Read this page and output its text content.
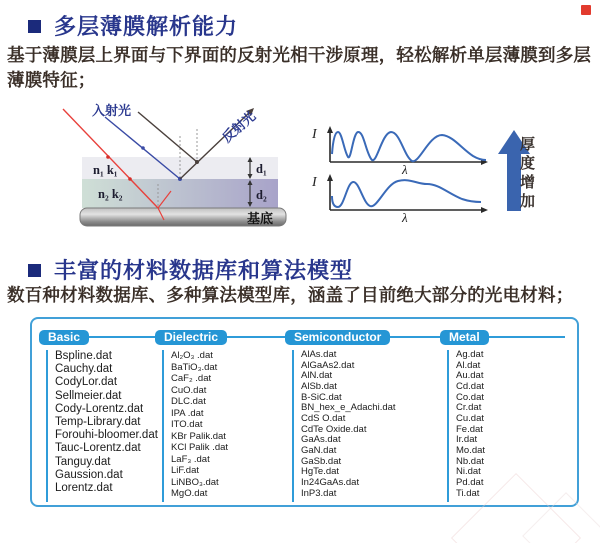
多层薄膜解析能力

基于薄膜层上界面与下界面的反射光相干涉原理，轻松解析单层薄膜到多层薄膜特征；

入射光	反射光
n₁ k₁
n₂ k₂
d₁
d₂
基底
I
λ
I
λ
厚度增加
丰富的材料数据库和算法模型

数百种材料数据库、多种算法模型库，涵盖了目前绝大部分的光电材料；

Basic
Bspline.dat
Cauchy.dat
CodyLor.dat
Sellmeier.dat
Cody-Lorentz.dat
Temp-Library.dat
Forouhi-bloomer.dat
Tauc-Lorentz.dat
Tanguy.dat
Gaussion.dat
Lorentz.dat
Dielectric
Al₂O₃ .dat
BaTiO₃.dat
CaF₂ .dat
CuO.dat
DLC.dat
IPA .dat
ITO.dat
KBr Palik.dat
KCl Palik .dat
LaF₃ .dat
LiF.dat
LiNBO₃.dat
MgO.dat
Semiconductor
AlAs.dat
AlGaAs2.dat
AlN.dat
AlSb.dat
B-SiC.dat
BN_hex_e_Adachi.dat
CdS O.dat
CdTe Oxide.dat
GaAs.dat
GaN.dat
GaSb.dat
HgTe.dat
In24GaAs.dat
InP3.dat
Metal
Ag.dat
Al.dat
Au.dat
Cd.dat
Co.dat
Cr.dat
Cu.dat
Fe.dat
Ir.dat
Mo.dat
Nb.dat
Ni.dat
Pd.dat
Ti.dat
